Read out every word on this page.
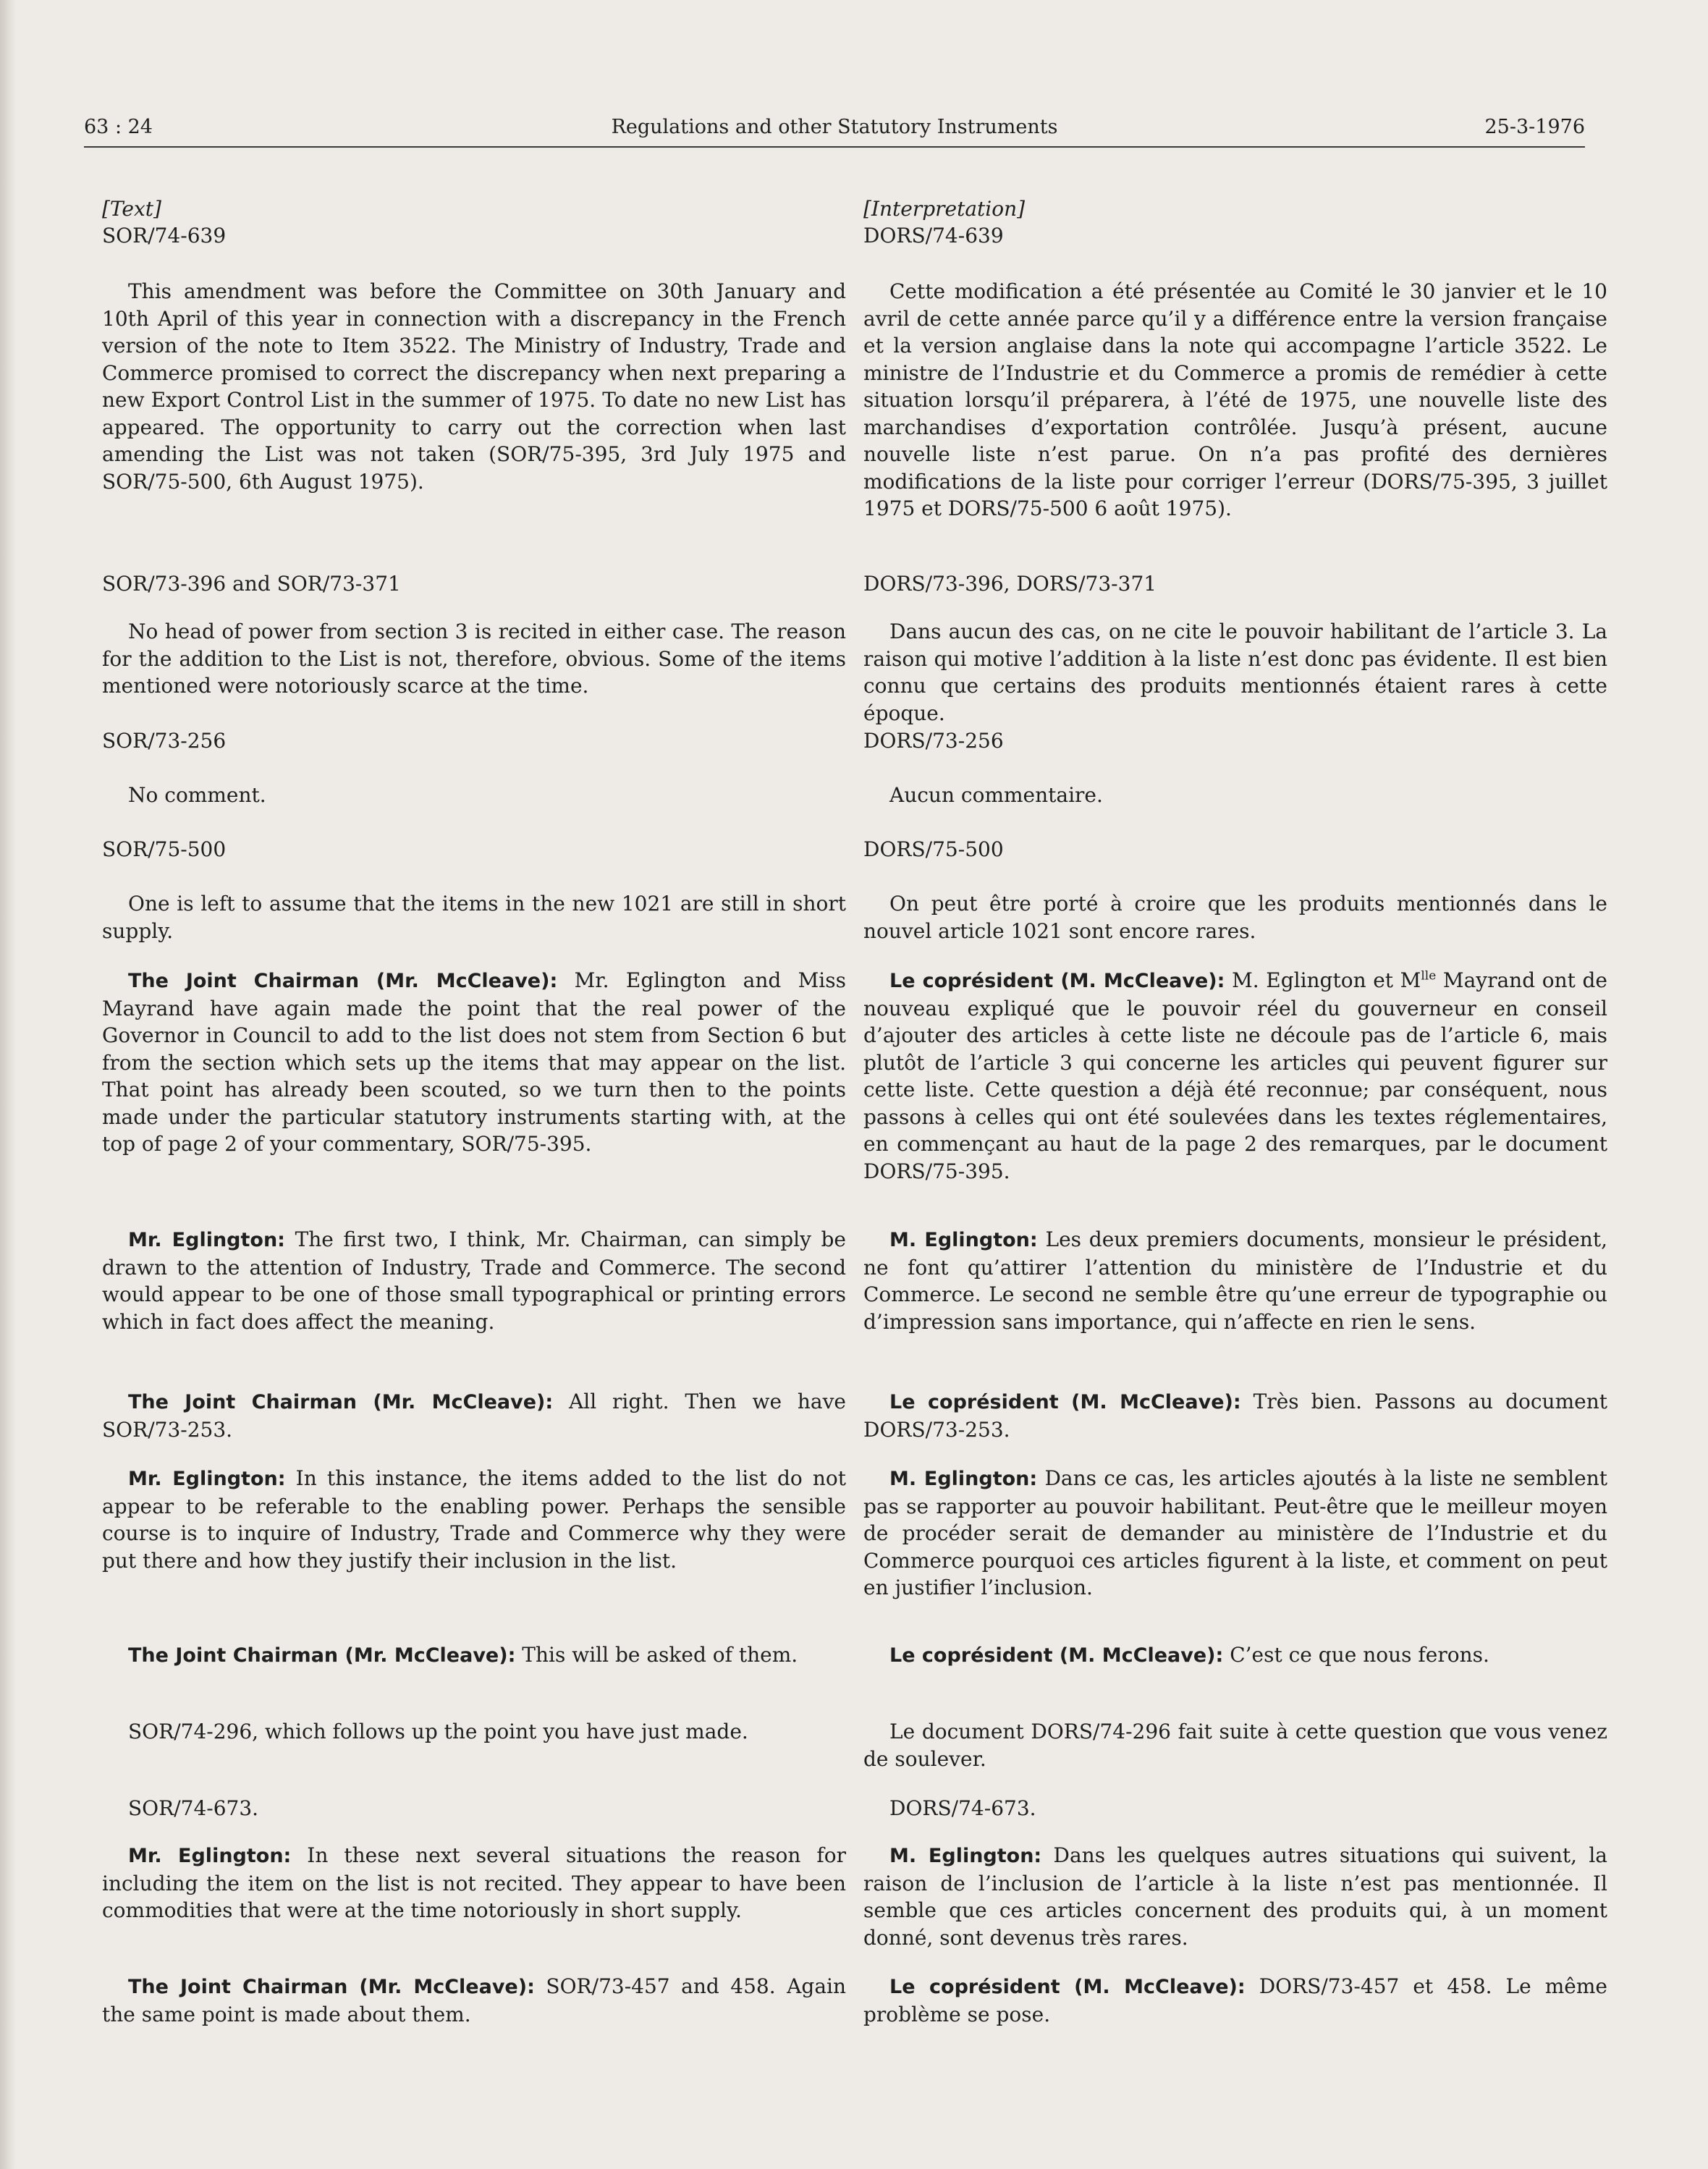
63 : 24	Regulations and other Statutory Instruments	25-3-1976

[Text]

SOR/74-639

This amendment was before the Committee on 30th January and 10th April of this year in connection with a discrepancy in the French version of the note to Item 3522. The Ministry of Industry, Trade and Commerce promised to correct the discrepancy when next preparing a new Export Control List in the summer of 1975. To date no new List has appeared. The opportunity to carry out the correction when last amending the List was not taken (SOR/75-395, 3rd July 1975 and SOR/75-500, 6th August 1975).

SOR/73-396 and SOR/73-371

No head of power from section 3 is recited in either case. The reason for the addition to the List is not, therefore, obvious. Some of the items mentioned were notoriously scarce at the time.

SOR/73-256

No comment.

SOR/75-500

One is left to assume that the items in the new 1021 are still in short supply.

The Joint Chairman (Mr. McCleave): Mr. Eglington and Miss Mayrand have again made the point that the real power of the Governor in Council to add to the list does not stem from Section 6 but from the section which sets up the items that may appear on the list. That point has already been scouted, so we turn then to the points made under the particular statutory instruments starting with, at the top of page 2 of your commentary, SOR/75-395.

Mr. Eglington: The first two, I think, Mr. Chairman, can simply be drawn to the attention of Industry, Trade and Commerce. The second would appear to be one of those small typographical or printing errors which in fact does affect the meaning.

The Joint Chairman (Mr. McCleave): All right. Then we have SOR/73-253.

Mr. Eglington: In this instance, the items added to the list do not appear to be referable to the enabling power. Perhaps the sensible course is to inquire of Industry, Trade and Commerce why they were put there and how they justify their inclusion in the list.

The Joint Chairman (Mr. McCleave): This will be asked of them.

SOR/74-296, which follows up the point you have just made.

SOR/74-673.

Mr. Eglington: In these next several situations the reason for including the item on the list is not recited. They appear to have been commodities that were at the time notoriously in short supply.

The Joint Chairman (Mr. McCleave): SOR/73-457 and 458. Again the same point is made about them.

[Interpretation]

DORS/74-639

Cette modification a été présentée au Comité le 30 janvier et le 10 avril de cette année parce qu’il y a différence entre la version française et la version anglaise dans la note qui accompagne l’article 3522. Le ministre de l’Industrie et du Commerce a promis de remédier à cette situation lorsqu’il préparera, à l’été de 1975, une nouvelle liste des marchandises d’exportation contrôlée. Jusqu’à présent, aucune nouvelle liste n’est parue. On n’a pas profité des dernières modifications de la liste pour corriger l’erreur (DORS/75-395, 3 juillet 1975 et DORS/75-500 6 août 1975).

DORS/73-396, DORS/73-371

Dans aucun des cas, on ne cite le pouvoir habilitant de l’article 3. La raison qui motive l’addition à la liste n’est donc pas évidente. Il est bien connu que certains des produits mentionnés étaient rares à cette époque.

DORS/73-256

Aucun commentaire.

DORS/75-500

On peut être porté à croire que les produits mentionnés dans le nouvel article 1021 sont encore rares.

Le coprésident (M. McCleave): M. Eglington et $M^{lle}$ Mayrand ont de nouveau expliqué que le pouvoir réel du gouverneur en conseil d’ajouter des articles à cette liste ne découle pas de l’article 6, mais plutôt de l’article 3 qui concerne les articles qui peuvent figurer sur cette liste. Cette question a déjà été reconnue; par conséquent, nous passons à celles qui ont été soulevées dans les textes réglementaires, en commençant au haut de la page 2 des remarques, par le document DORS/75-395.

M. Eglington: Les deux premiers documents, monsieur le président, ne font qu’attirer l’attention du ministère de l’Industrie et du Commerce. Le second ne semble être qu’une erreur de typographie ou d’impression sans importance, qui n’affecte en rien le sens.

Le coprésident (M. McCleave): Très bien. Passons au document DORS/73-253.

M. Eglington: Dans ce cas, les articles ajoutés à la liste ne semblent pas se rapporter au pouvoir habilitant. Peut-être que le meilleur moyen de procéder serait de demander au ministère de l’Industrie et du Commerce pourquoi ces articles figurent à la liste, et comment on peut en justifier l’inclusion.

Le coprésident (M. McCleave): C’est ce que nous ferons.

Le document DORS/74-296 fait suite à cette question que vous venez de soulever.

DORS/74-673.

M. Eglington: Dans les quelques autres situations qui suivent, la raison de l’inclusion de l’article à la liste n’est pas mentionnée. Il semble que ces articles concernent des produits qui, à un moment donné, sont devenus très rares.

Le coprésident (M. McCleave): DORS/73-457 et 458. Le même problème se pose.
